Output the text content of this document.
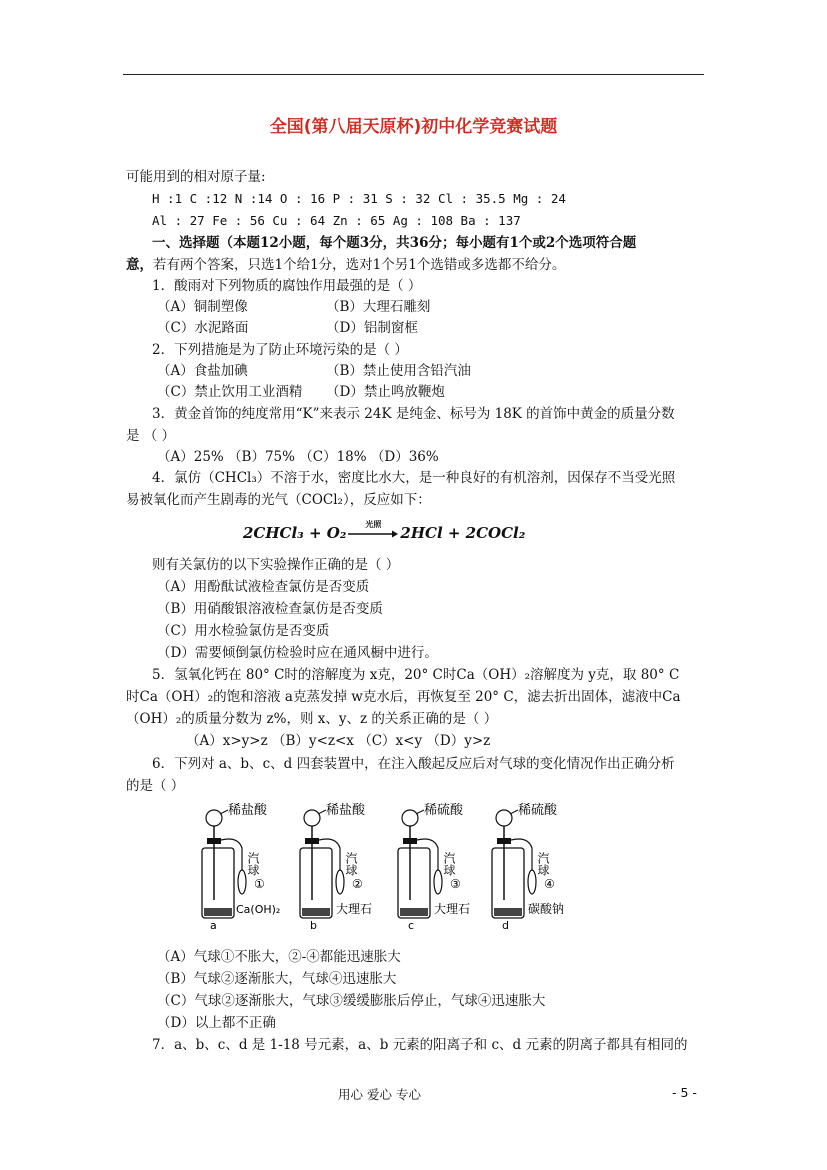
全国(第八届天原杯)初中化学竞赛试题
可能用到的相对原子量:
H :1 C :12 N :14 O : 16 P : 31 S : 32 Cl : 35.5 Mg : 24
Al : 27 Fe : 56 Cu : 64 Zn : 65 Ag : 108 Ba : 137
一、选择题（本题12小题，每个题3分，共36分；每小题有1个或2个选项符合题
意，若有两个答案，只选1个给1分，选对1个另1个选错或多选都不给分。
1．酸雨对下列物质的腐蚀作用最强的是（ ）
（A）铜制塑像	（B）大理石雕刻
（C）水泥路面	（D）铝制窗框
2．下列措施是为了防止环境污染的是（ ）
（A）食盐加碘	（B）禁止使用含铅汽油
（C）禁止饮用工业酒精 （D）禁止鸣放鞭炮
3．黄金首饰的纯度常用“K”来表示 24K 是纯金、标号为 18K 的首饰中黄金的质量分数
是 （ ）
（A）25% （B）75% （C）18% （D）36%
4．氯仿（CHCl₃）不溶于水，密度比水大，是一种良好的有机溶剂，因保存不当受光照
易被氧化而产生剧毒的光气（COCl₂），反应如下：
2CHCl₃ + O₂	光照	2HCl + 2COCl₂
则有关氯仿的以下实验操作正确的是（ ）
（A）用酚酞试液检查氯仿是否变质
（B）用硝酸银溶液检查氯仿是否变质
（C）用水检验氯仿是否变质
（D）需要倾倒氯仿检验时应在通风橱中进行。
5．氢氧化钙在 80° C时的溶解度为 x克，20° C时Ca（OH）₂溶解度为 y克，取 80° C
时Ca（OH）₂的饱和溶液 a克蒸发掉 w克水后，再恢复至 20° C，滤去折出固体，滤液中Ca
（OH）₂的质量分数为 z%，则 x、y、z 的关系正确的是（ ）
（A）x>y>z （B）y<z<x （C）x<y （D）y>z
6．下列对 a、b、c、d 四套装置中，在注入酸起反应后对气球的变化情况作出正确分析
的是（ ）
稀盐酸
汽球
①
Ca(OH)₂
a
稀盐酸
汽球
②
大理石
b
稀硫酸
汽球
③
大理石
c
稀硫酸
汽球
④
碳酸钠
d
（A）气球①不胀大，②-④都能迅速胀大
（B）气球②逐渐胀大，气球④迅速胀大
（C）气球②逐渐胀大，气球③缓缓膨胀后停止，气球④迅速胀大
（D）以上都不正确
7．a、b、c、d 是 1-18 号元素，a、b 元素的阳离子和 c、d 元素的阴离子都具有相同的
用心 爱心 专心	- 5 -
